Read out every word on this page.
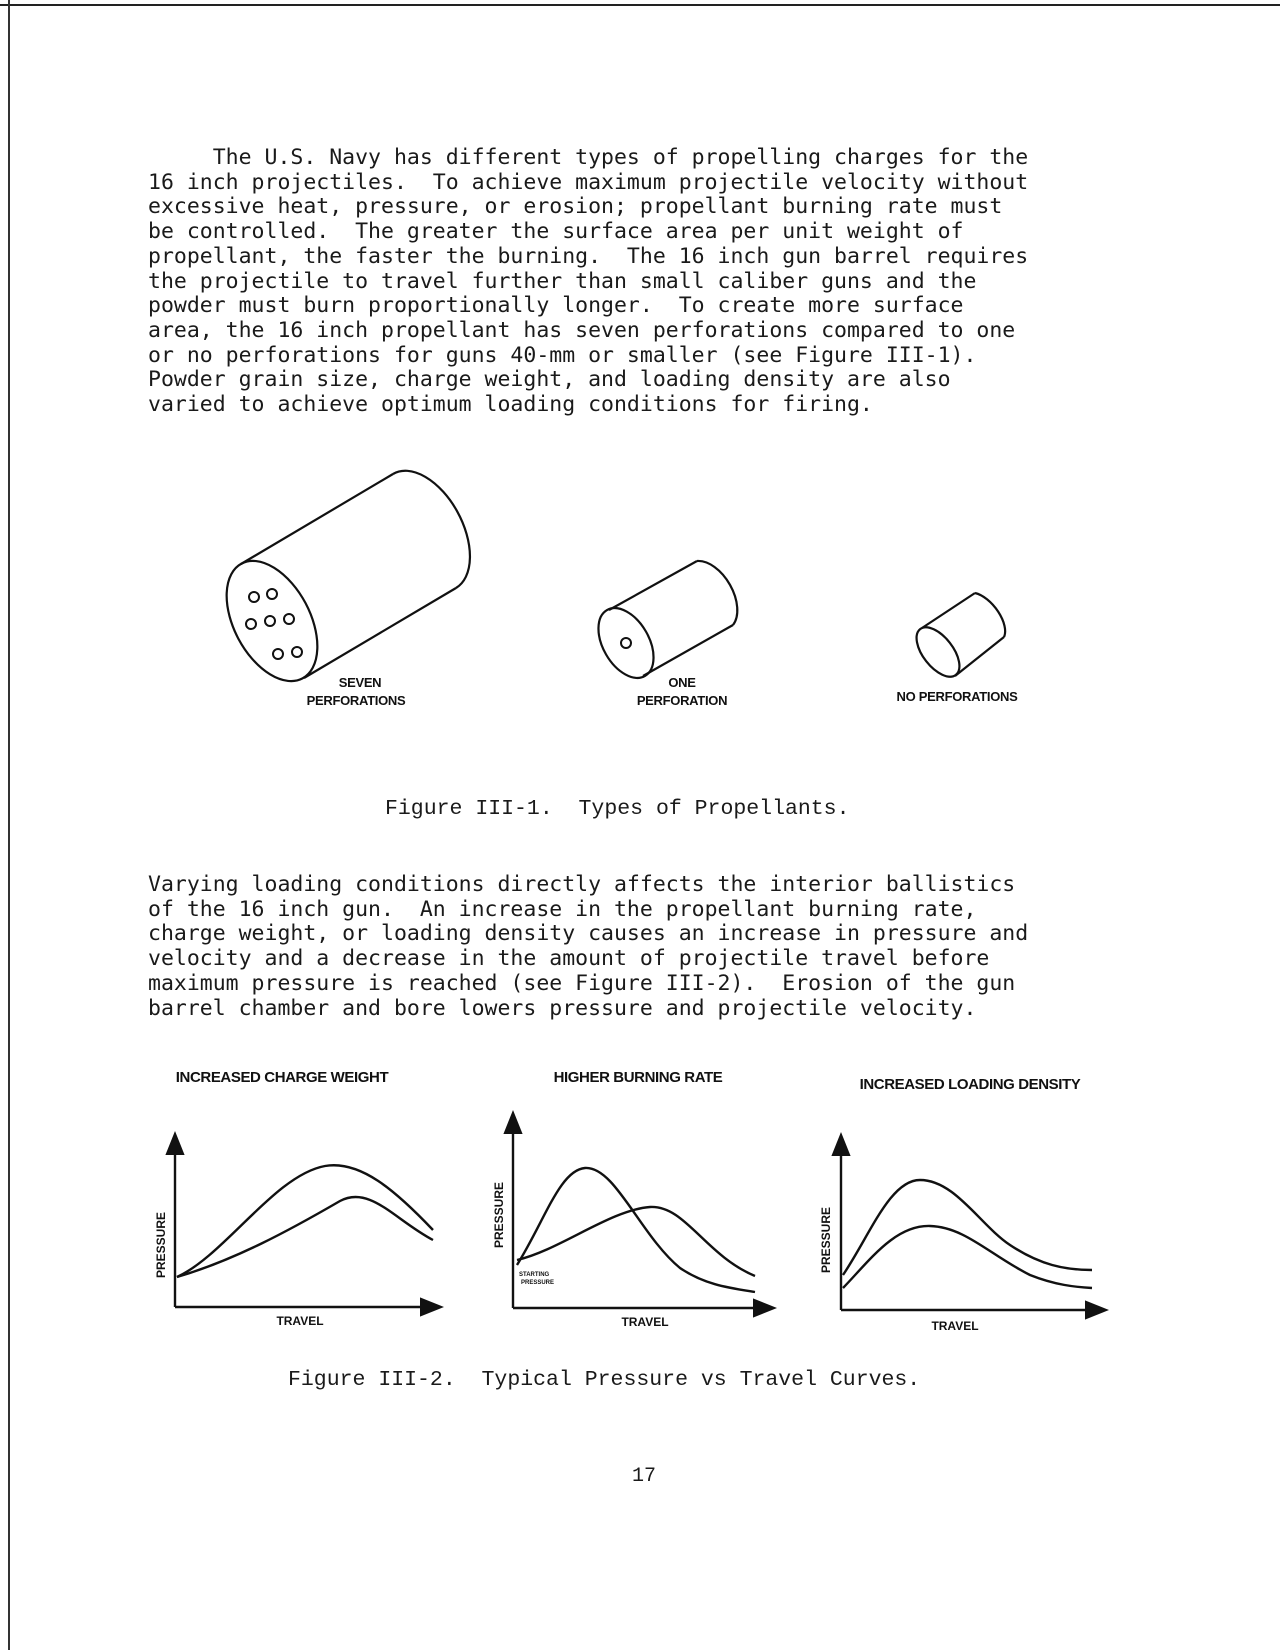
The U.S. Navy has different types of propelling charges for the
16 inch projectiles.  To achieve maximum projectile velocity without
excessive heat, pressure, or erosion; propellant burning rate must
be controlled.  The greater the surface area per unit weight of
propellant, the faster the burning.  The 16 inch gun barrel requires
the projectile to travel further than small caliber guns and the
powder must burn proportionally longer.  To create more surface
area, the 16 inch propellant has seven perforations compared to one
or no perforations for guns 40-mm or smaller (see Figure III-1).
Powder grain size, charge weight, and loading density are also
varied to achieve optimum loading conditions for firing.
SEVEN
PERFORATIONS
ONE
PERFORATION	NO PERFORATIONS
Figure III-1.  Types of Propellants.
Varying loading conditions directly affects the interior ballistics
of the 16 inch gun.  An increase in the propellant burning rate,
charge weight, or loading density causes an increase in pressure and
velocity and a decrease in the amount of projectile travel before
maximum pressure is reached (see Figure III-2).  Erosion of the gun
barrel chamber and bore lowers pressure and projectile velocity.
INCREASED CHARGE WEIGHT
PRESSURE
TRAVEL
HIGHER BURNING RATE
PRESSURE
TRAVEL
STARTING
PRESSURE
INCREASED LOADING DENSITY
PRESSURE
TRAVEL
Figure III-2.  Typical Pressure vs Travel Curves.
17
